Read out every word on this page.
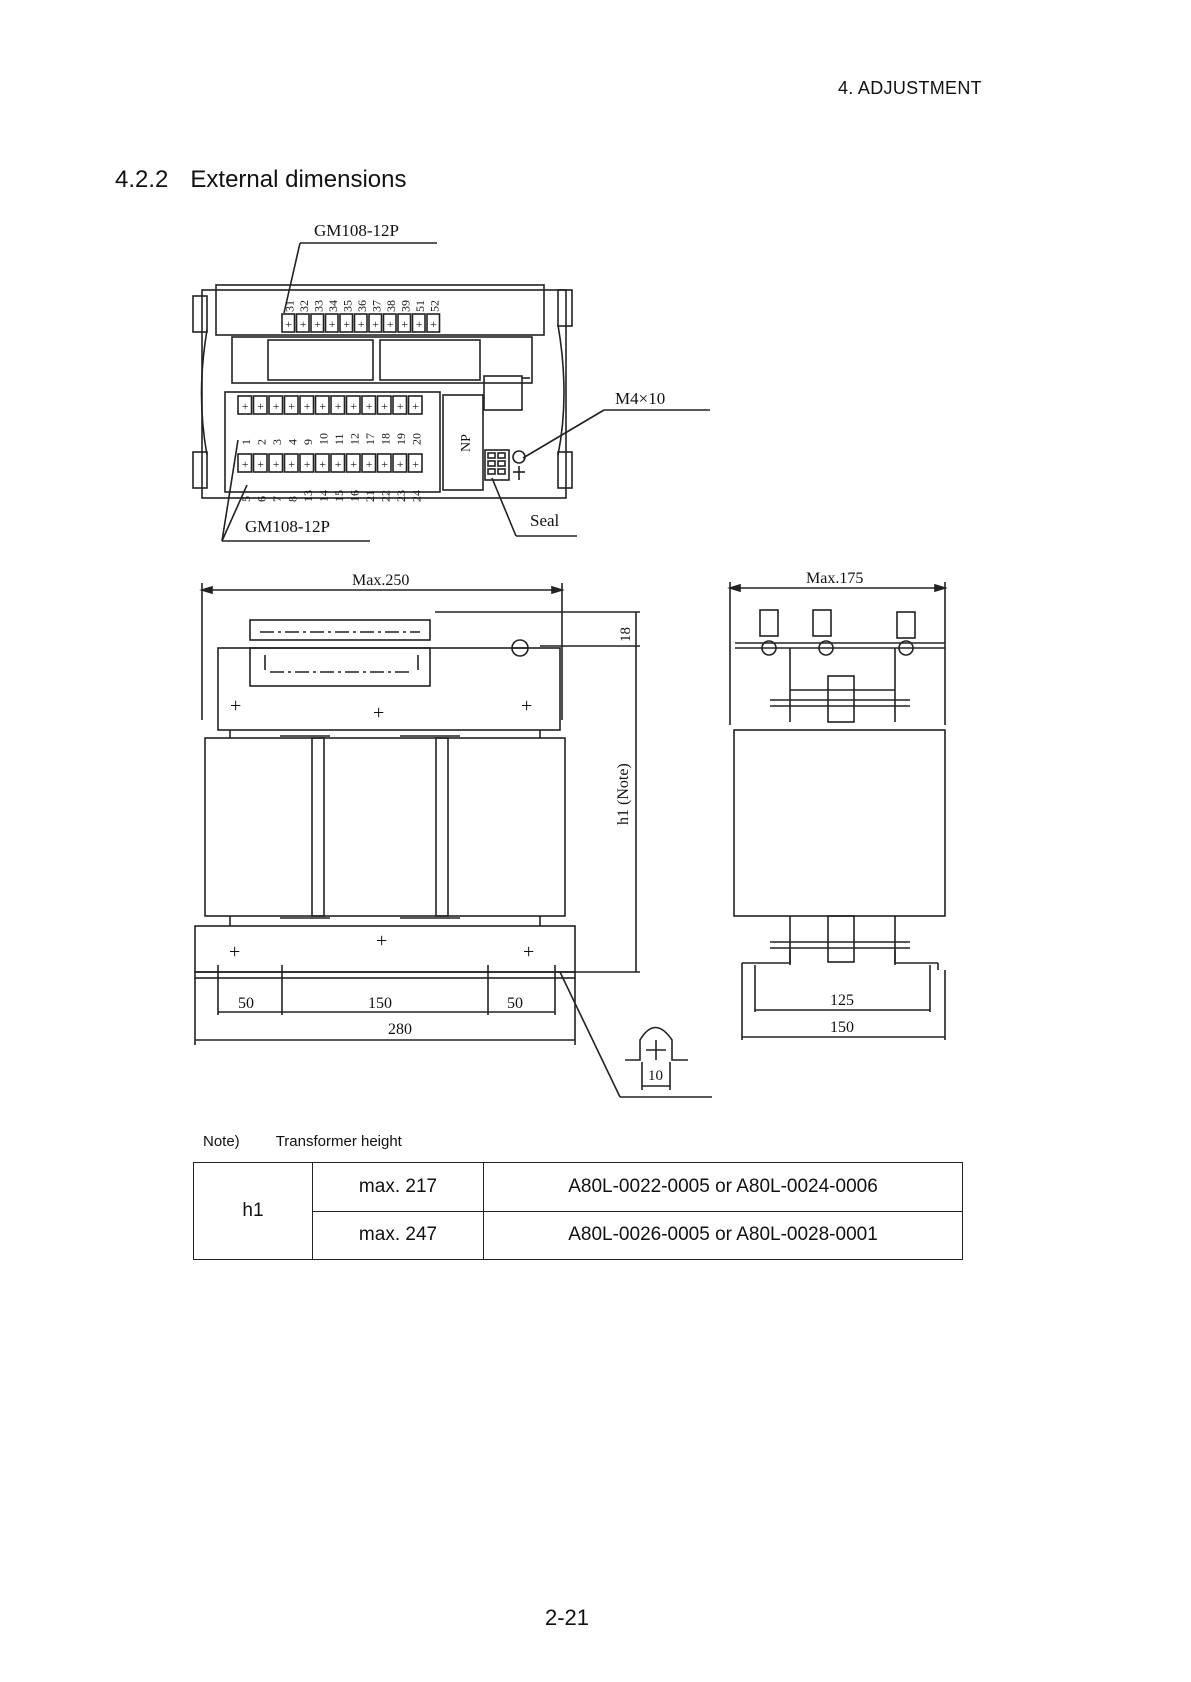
4. ADJUSTMENT
4.2.2 External dimensions
GM108-12P
+ + + + + + + + + + +
31 32 33 34 35 36 37 38 39 51 52
+ + + + + + + + + + + +
1 2 3 4 9 10 11 12 17 18 19 20
+ + + + + + + + + + + +
5 6 7 8 13 14 15 16 21 22 23 24
NP
M4×10
Seal
GM108-12P
Max.250
+	+	+
+	+	+
18
h1 (Note)
50	150	50
280
10
Max.175
125
150
Note) Transformer height
h1	max. 217	A80L-0022-0005 or A80L-0024-0006
	max. 247	A80L-0026-0005 or A80L-0028-0001
2-21
